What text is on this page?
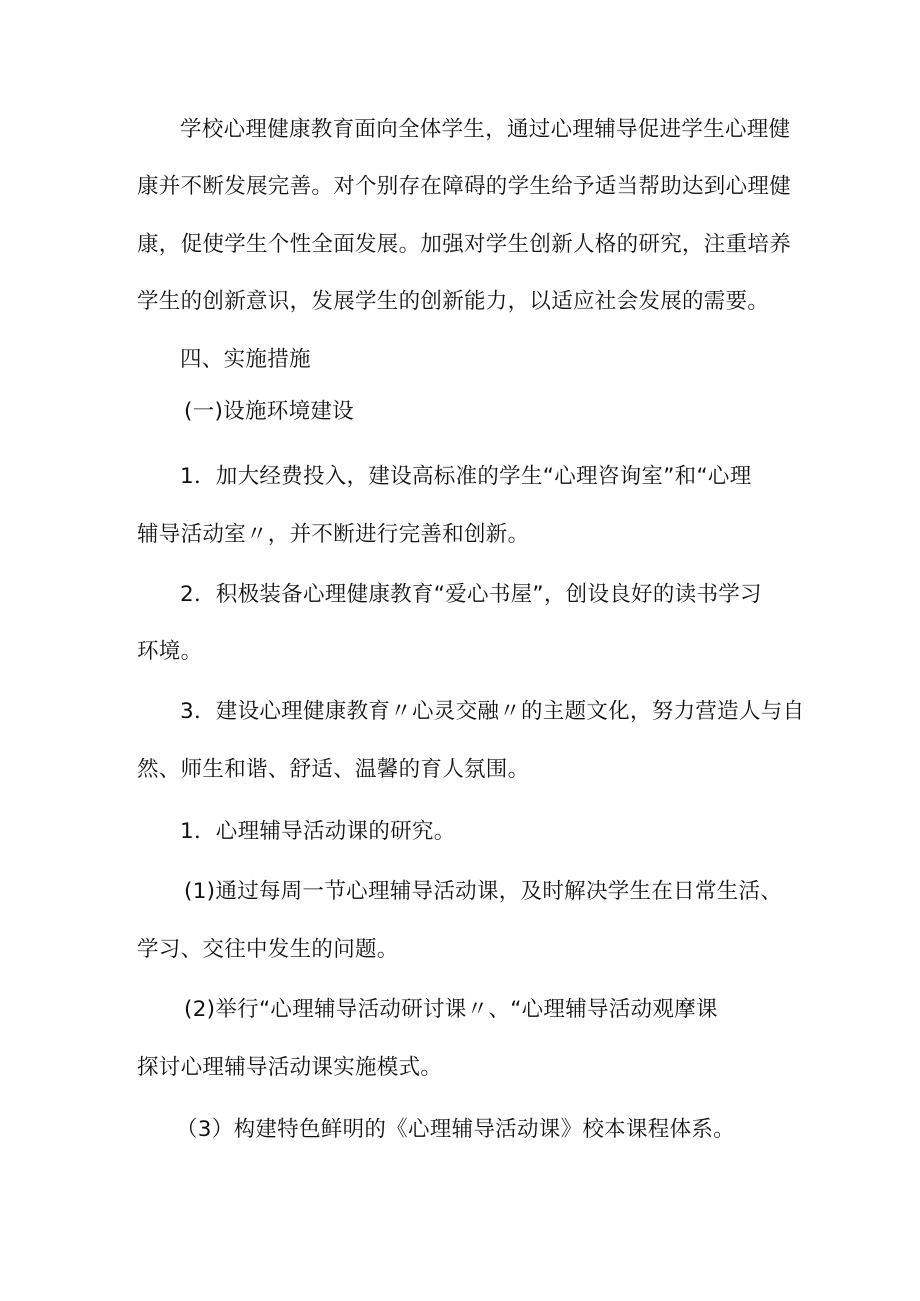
学校心理健康教育面向全体学生，通过心理辅导促进学生心理健
康并不断发展完善。对个别存在障碍的学生给予适当帮助达到心理健
康，促使学生个性全面发展。加强对学生创新人格的研究，注重培养
学生的创新意识，发展学生的创新能力，以适应社会发展的需要。
四、实施措施
(一)设施环境建设
1．加大经费投入，建设高标准的学生“心理咨询室”和“心理
辅导活动室〃，并不断进行完善和创新。
2．积极装备心理健康教育“爱心书屋”，创设良好的读书学习
环境。
3．建设心理健康教育〃心灵交融〃的主题文化，努力营造人与自
然、师生和谐、舒适、温馨的育人氛围。
1．心理辅导活动课的研究。
(1)通过每周一节心理辅导活动课，及时解决学生在日常生活、
学习、交往中发生的问题。
(2)举行“心理辅导活动研讨课〃、“心理辅导活动观摩课
探讨心理辅导活动课实施模式。
（3）构建特色鲜明的《心理辅导活动课》校本课程体系。
